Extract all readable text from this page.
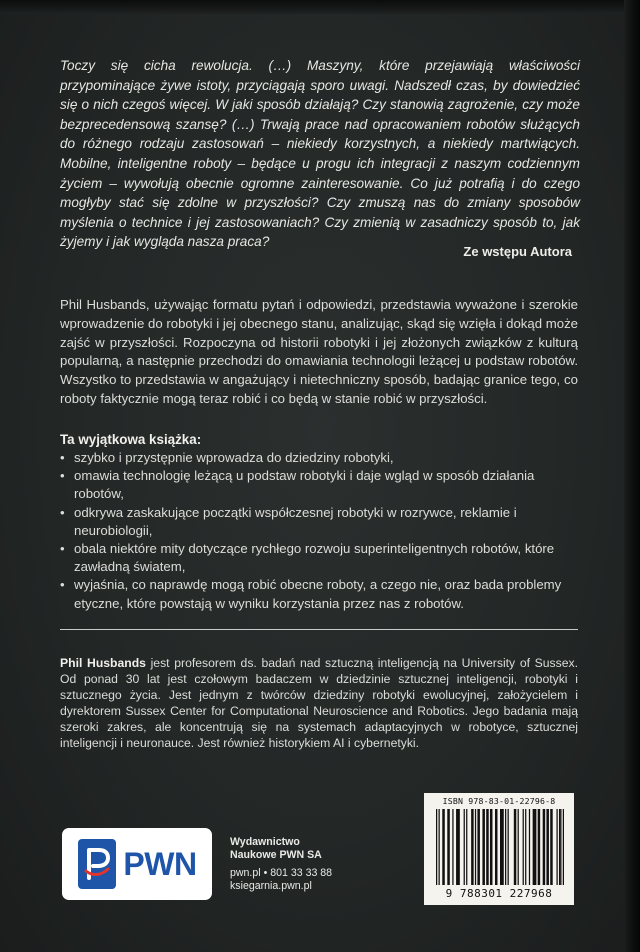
Toczy się cicha rewolucja. (…) Maszyny, które przejawiają właściwości przypominające żywe istoty, przyciągają sporo uwagi. Nadszedł czas, by dowiedzieć się o nich czegoś więcej. W jaki sposób działają? Czy stanowią zagrożenie, czy może bezprecedensową szansę? (…) Trwają prace nad opracowaniem robotów służących do różnego rodzaju zastosowań – niekiedy korzystnych, a niekiedy martwiących. Mobilne, inteligentne roboty – będące u progu ich integracji z naszym codziennym życiem – wywołują obecnie ogromne zainteresowanie. Co już potrafią i do czego mogłyby stać się zdolne w przyszłości? Czy zmuszą nas do zmiany sposobów myślenia o technice i jej zastosowaniach? Czy zmienią w zasadniczy sposób to, jak żyjemy i jak wygląda nasza praca?

Ze wstępu Autora

Phil Husbands, używając formatu pytań i odpowiedzi, przedstawia wyważone i szerokie wprowadzenie do robotyki i jej obecnego stanu, analizując, skąd się wzięła i dokąd może zajść w przyszłości. Rozpoczyna od historii robotyki i jej złożonych związków z kulturą popularną, a następnie przechodzi do omawiania technologii leżącej u podstaw robotów. Wszystko to przedstawia w angażujący i nietechniczny sposób, badając granice tego, co roboty faktycznie mogą teraz robić i co będą w stanie robić w przyszłości.

Ta wyjątkowa książka:

• szybko i przystępnie wprowadza do dziedziny robotyki,
• omawia technologię leżącą u podstaw robotyki i daje wgląd w sposób działania robotów,
• odkrywa zaskakujące początki współczesnej robotyki w rozrywce, reklamie i neurobiologii,
• obala niektóre mity dotyczące rychłego rozwoju superinteligentnych robotów, które zawładną światem,
• wyjaśnia, co naprawdę mogą robić obecne roboty, a czego nie, oraz bada problemy etyczne, które powstają w wyniku korzystania przez nas z robotów.

Phil Husbands jest profesorem ds. badań nad sztuczną inteligencją na University of Sussex. Od ponad 30 lat jest czołowym badaczem w dziedzinie sztucznej inteligencji, robotyki i sztucznego życia. Jest jednym z twórców dziedziny robotyki ewolucyjnej, założycielem i dyrektorem Sussex Center for Computational Neuroscience and Robotics. Jego badania mają szeroki zakres, ale koncentrują się na systemach adaptacyjnych w robotyce, sztucznej inteligencji i neuronauce. Jest również historykiem AI i cybernetyki.

PWN
Wydawnictwo
Naukowe PWN SA
pwn.pl • 801 33 33 88
ksiegarnia.pwn.pl
ISBN 978-83-01-22796-8
9 788301 227968
